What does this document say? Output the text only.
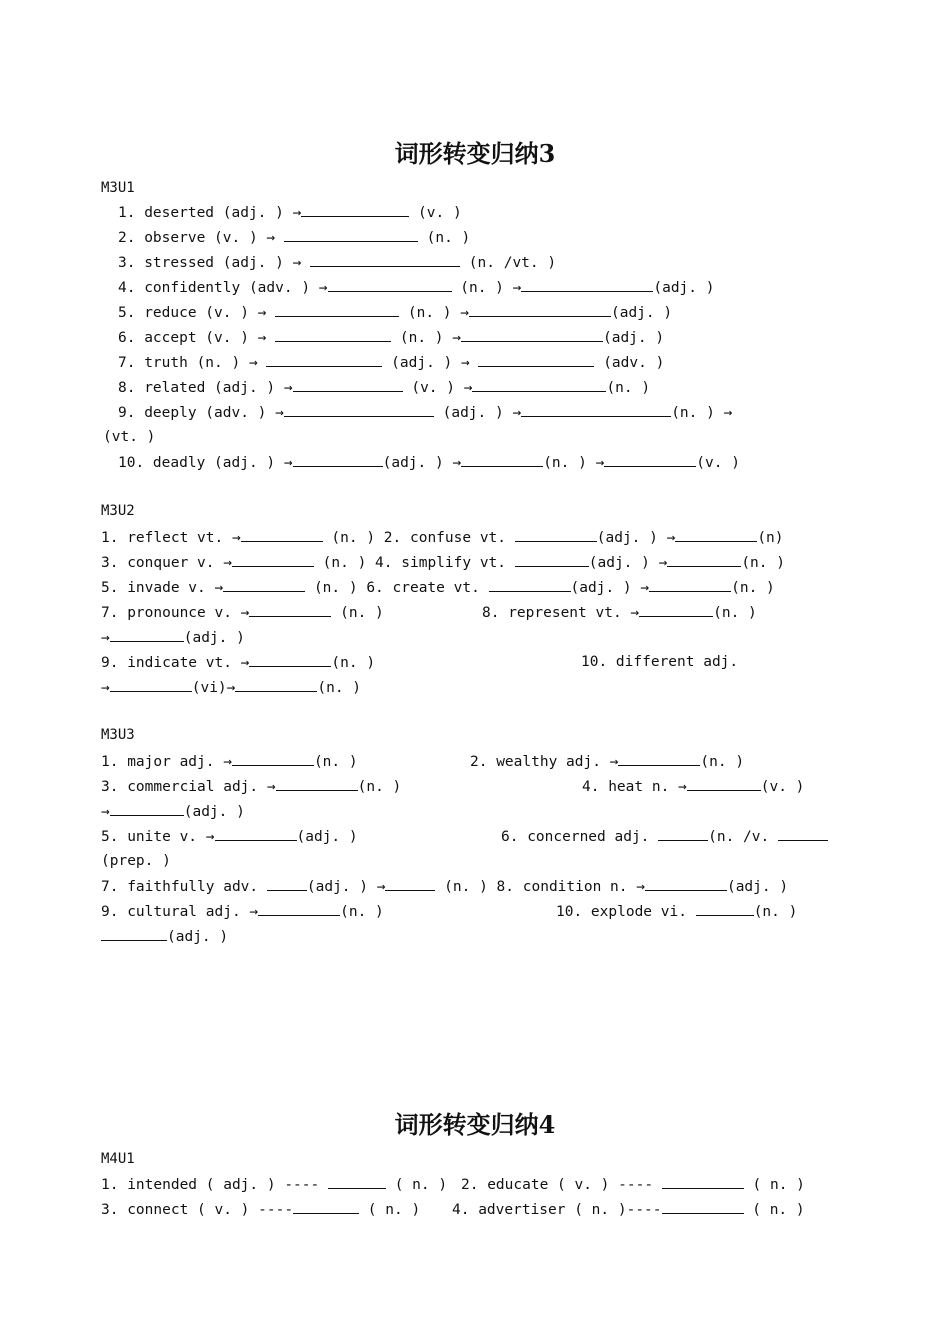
词形转变归纳3
M3U1
1. deserted (adj. ) →	(v. )
2. observe (v. ) →	(n. )
3. stressed (adj. ) →	(n. /vt. )
4. confidently (adv. ) →	(n. ) →	(adj. )
5. reduce (v. ) →	(n. ) →	(adj. )
6. accept (v. ) →	(n. ) →	(adj. )
7. truth (n. ) →	(adj. ) →	(adv. )
8. related (adj. ) →	(v. ) →	(n. )
9. deeply (adv. ) →	(adj. ) →	(n. ) →
(vt. )
10. deadly (adj. ) →	(adj. ) →	(n. ) →	(v. )
M3U2
1. reflect vt. →	(n. ) 2. confuse vt.	(adj. ) →	(n)
3. conquer v. →	(n. ) 4. simplify vt.	(adj. ) →	(n. )
5. invade v. →	(n. ) 6. create vt.	(adj. ) →	(n. )
7. pronounce v. →	(n. )	8. represent vt. →	(n. )
→	(adj. )
9. indicate vt. →	(n. )	10. different adj.
→	(vi)→	(n. )
M3U3
1. major adj. →	(n. )	2. wealthy adj. →	(n. )
3. commercial adj. →	(n. )	4. heat n. →	(v. )
→	(adj. )
5. unite v. →	(adj. )	6. concerned adj.	(n. /v.
(prep. )
7. faithfully adv.	(adj. ) →	(n. ) 8. condition n. →	(adj. )
9. cultural adj. →	(n. )	10. explode vi.	(n. )
(adj. )
词形转变归纳4
M4U1
1. intended ( adj. ) ----	( n. ) 2. educate ( v. ) ----	( n. )
3. connect ( v. ) ----	( n. ) 4. advertiser ( n. )----	( n. )
